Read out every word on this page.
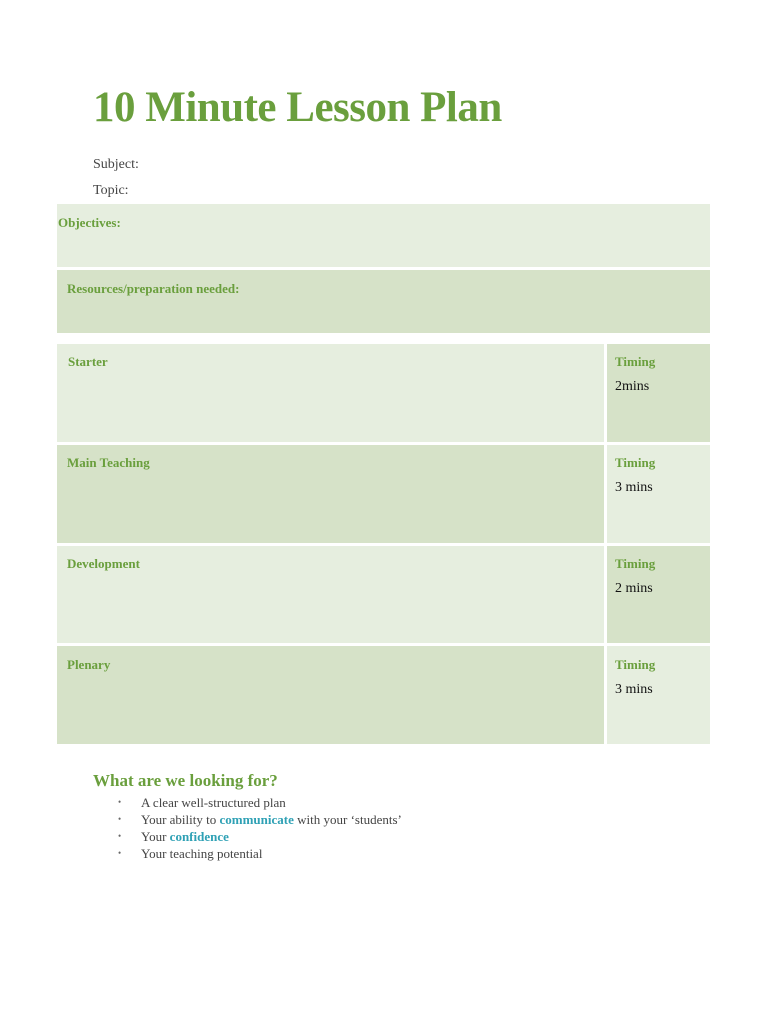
10 Minute Lesson Plan
Subject:
Topic:
Objectives:
Resources/preparation needed:
Starter	Timing
2mins
Main Teaching	Timing
3 mins
Development	Timing
2 mins
Plenary	Timing
3 mins
What are we looking for?
• A clear well-structured plan
• Your ability to communicate with your ‘students’
• Your confidence
• Your teaching potential
